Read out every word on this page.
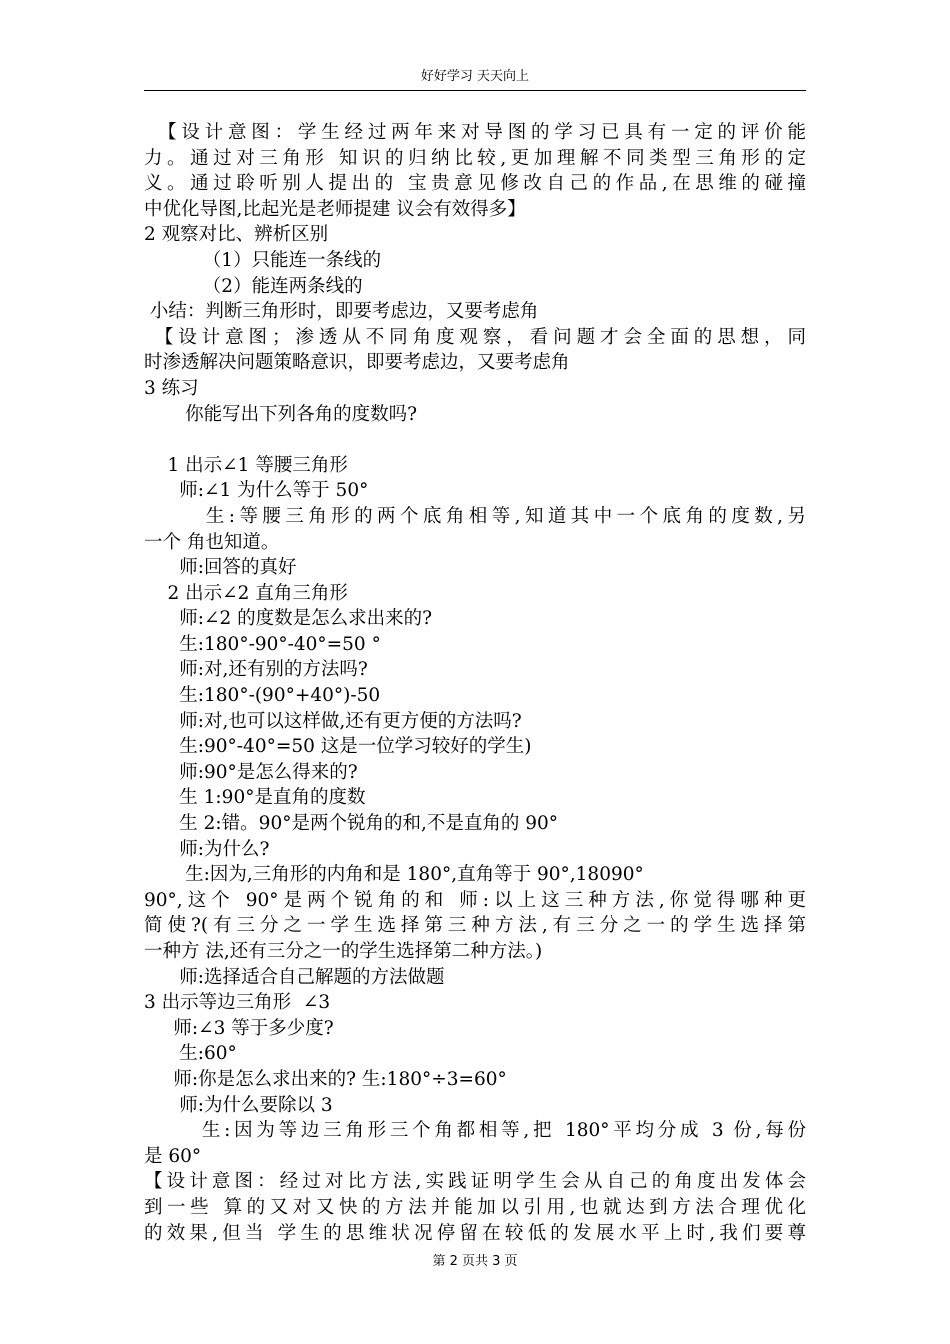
好好学习 天天向上

　【设计意图：学生经过两年来对导图的学习已具有一定的评价能

力。通过对三角形 知识的归纳比较,更加理解不同类型三角形的定

义。通过聆听别人提出的 宝贵意见修改自己的作品,在思维的碰撞

中优化导图,比起光是老师提建 议会有效得多】

2 观察对比、辨析区别

（1）只能连一条线的

（2）能连两条线的

小结：判断三角形时，即要考虑边，又要考虑角

【设计意图；渗透从不同角度观察，看问题才会全面的思想，同

时渗透解决问题策略意识，即要考虑边，又要考虑角

3 练习

你能写出下列各角的度数吗?

1 出示∠1 等腰三角形

师:∠1 为什么等于 50°

生:等腰三角形的两个底角相等,知道其中一个底角的度数,另

一个 角也知道。

师:回答的真好

2 出示∠2 直角三角形

师:∠2 的度数是怎么求出来的?

生:180°-90°-40°=50 °

师:对,还有别的方法吗?

生:180°-(90°+40°)-50

师:对,也可以这样做,还有更方便的方法吗?

生:90°-40°=50 这是一位学习较好的学生)

师:90°是怎么得来的?

生 1:90°是直角的度数

生 2:错。90°是两个锐角的和,不是直角的 90°

师:为什么?

生:因为,三角形的内角和是 180°,直角等于 90°,18090°

90°,这个 90°是两个锐角的和 师:以上这三种方法,你觉得哪种更

简使?(有三分之一学生选择第三种方法,有三分之一的学生选择第

一种方 法,还有三分之一的学生选择第二种方法。)

师:选择适合自己解题的方法做题

3 出示等边三角形  ∠3

师:∠3 等于多少度?

生:60°

师:你是怎么求出来的? 生:180°÷3=60°

师:为什么要除以 3

生:因为等边三角形三个角都相等,把 180°平均分成 3 份,每份

是 60°

【设计意图：经过对比方法,实践证明学生会从自己的角度出发体会

到一些 算的又对又快的方法并能加以引用,也就达到方法合理优化

的效果,但当 学生的思维状况停留在较低的发展水平上时,我们要尊

第 2 页共 3 页
